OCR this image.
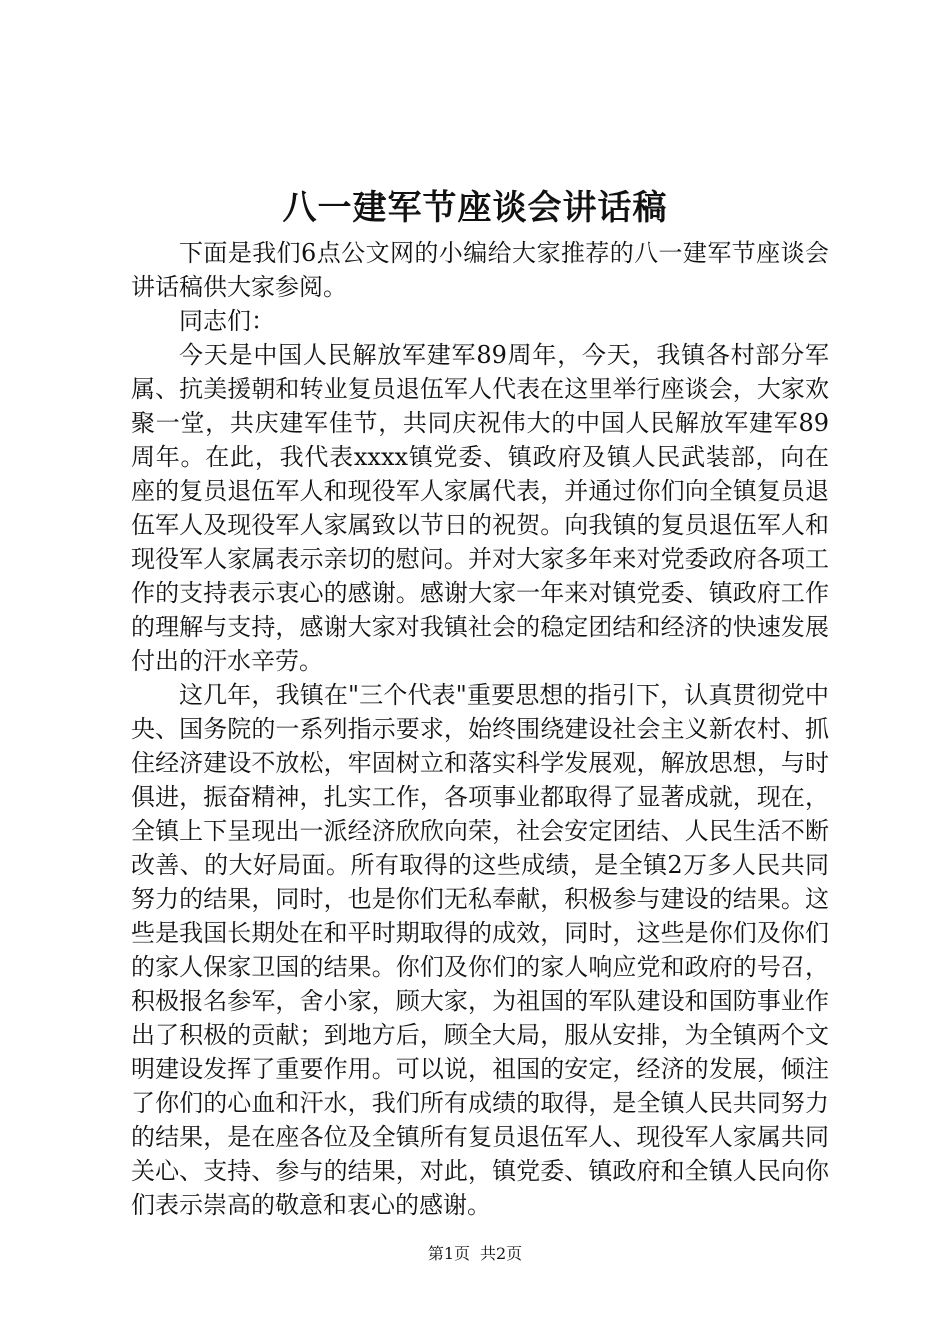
八一建军节座谈会讲话稿

下面是我们6点公文网的小编给大家推荐的八一建军节座谈会讲话稿供大家参阅。

同志们：

今天是中国人民解放军建军89周年，今天，我镇各村部分军属、抗美援朝和转业复员退伍军人代表在这里举行座谈会，大家欢聚一堂，共庆建军佳节，共同庆祝伟大的中国人民解放军建军89周年。在此，我代表xxxx镇党委、镇政府及镇人民武装部，向在座的复员退伍军人和现役军人家属代表，并通过你们向全镇复员退伍军人及现役军人家属致以节日的祝贺。向我镇的复员退伍军人和现役军人家属表示亲切的慰问。并对大家多年来对党委政府各项工作的支持表示衷心的感谢。感谢大家一年来对镇党委、镇政府工作的理解与支持，感谢大家对我镇社会的稳定团结和经济的快速发展付出的汗水辛劳。

这几年，我镇在"三个代表"重要思想的指引下，认真贯彻党中央、国务院的一系列指示要求，始终围绕建设社会主义新农村、抓住经济建设不放松，牢固树立和落实科学发展观，解放思想，与时俱进，振奋精神，扎实工作，各项事业都取得了显著成就，现在，全镇上下呈现出一派经济欣欣向荣，社会安定团结、人民生活不断改善、的大好局面。所有取得的这些成绩，是全镇2万多人民共同努力的结果，同时，也是你们无私奉献，积极参与建设的结果。这些是我国长期处在和平时期取得的成效，同时，这些是你们及你们的家人保家卫国的结果。你们及你们的家人响应党和政府的号召，积极报名参军，舍小家，顾大家，为祖国的军队建设和国防事业作出了积极的贡献；到地方后，顾全大局，服从安排，为全镇两个文明建设发挥了重要作用。可以说，祖国的安定，经济的发展，倾注了你们的心血和汗水，我们所有成绩的取得，是全镇人民共同努力的结果，是在座各位及全镇所有复员退伍军人、现役军人家属共同关心、支持、参与的结果，对此，镇党委、镇政府和全镇人民向你们表示崇高的敬意和衷心的感谢。

第1页 共2页
